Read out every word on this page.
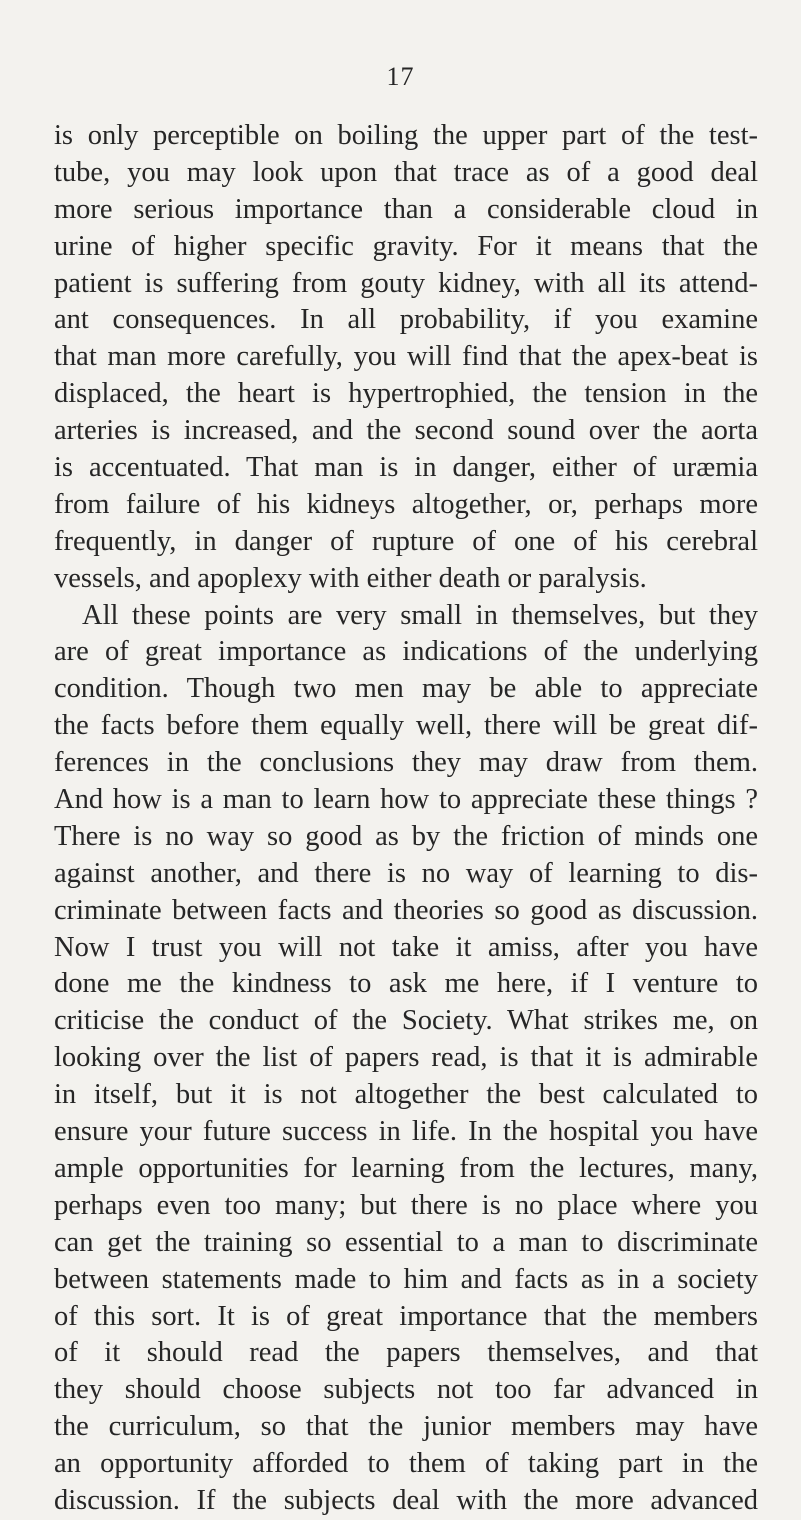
17
is only perceptible on boiling the upper part of the test-
tube, you may look upon that trace as of a good deal
more serious importance than a considerable cloud in
urine of higher specific gravity. For it means that the
patient is suffering from gouty kidney, with all its attend-
ant consequences. In all probability, if you examine
that man more carefully, you will find that the apex-beat is
displaced, the heart is hypertrophied, the tension in the
arteries is increased, and the second sound over the aorta
is accentuated. That man is in danger, either of uræmia
from failure of his kidneys altogether, or, perhaps more
frequently, in danger of rupture of one of his cerebral
vessels, and apoplexy with either death or paralysis.
All these points are very small in themselves, but they
are of great importance as indications of the underlying
condition. Though two men may be able to appreciate
the facts before them equally well, there will be great dif-
ferences in the conclusions they may draw from them.
And how is a man to learn how to appreciate these things ?
There is no way so good as by the friction of minds one
against another, and there is no way of learning to dis-
criminate between facts and theories so good as discussion.
Now I trust you will not take it amiss, after you have
done me the kindness to ask me here, if I venture to
criticise the conduct of the Society. What strikes me, on
looking over the list of papers read, is that it is admirable
in itself, but it is not altogether the best calculated to
ensure your future success in life. In the hospital you have
ample opportunities for learning from the lectures, many,
perhaps even too many; but there is no place where you
can get the training so essential to a man to discriminate
between statements made to him and facts as in a society
of this sort. It is of great importance that the members
of it should read the papers themselves, and that
they should choose subjects not too far advanced in
the curriculum, so that the junior members may have
an opportunity afforded to them of taking part in the
discussion. If the subjects deal with the more advanced
